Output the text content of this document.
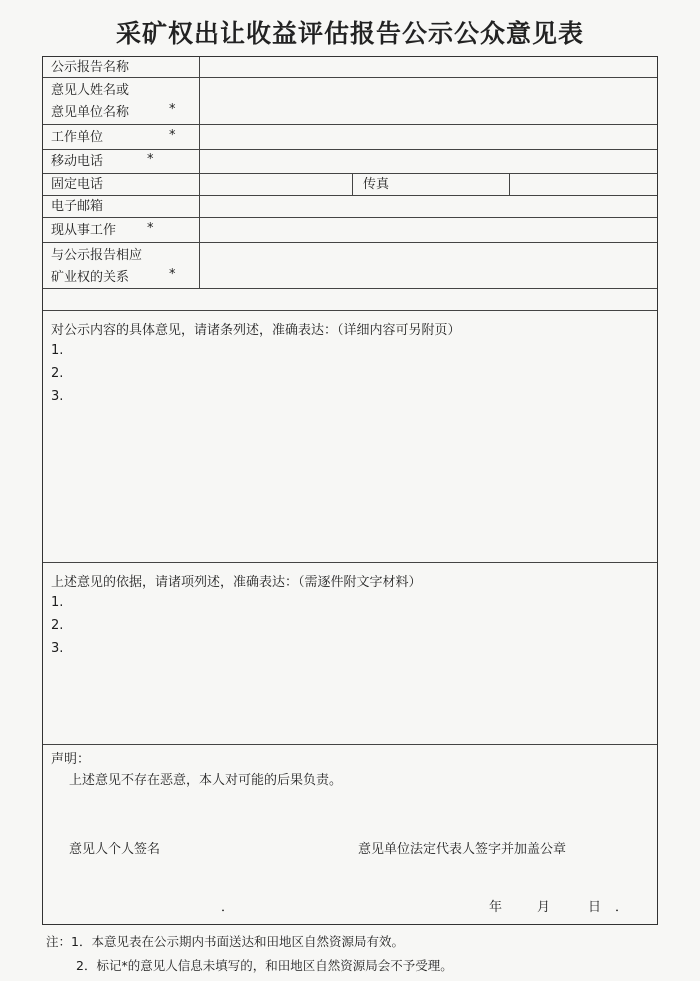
采矿权出让收益评估报告公示公众意见表
公示报告名称
意见人姓名或
意见单位名称	*
工作单位	*
移动电话	*
固定电话	传真
电子邮箱
现从事工作 *
与公示报告相应
矿业权的关系	*
对公示内容的具体意见，请诸条列述，准确表达：（详细内容可另附页）
1.
2.
3.
上述意见的依据，请诸项列述，准确表达：（需逐件附文字材料）
1.
2.
3.
声明：
上述意见不存在恶意，本人对可能的后果负责。
意见人个人签名	意见单位法定代表人签字并加盖公章
．	年	月	日 ．
注：1．本意见表在公示期内书面送达和田地区自然资源局有效。
2．标记*的意见人信息未填写的，和田地区自然资源局会不予受理。
